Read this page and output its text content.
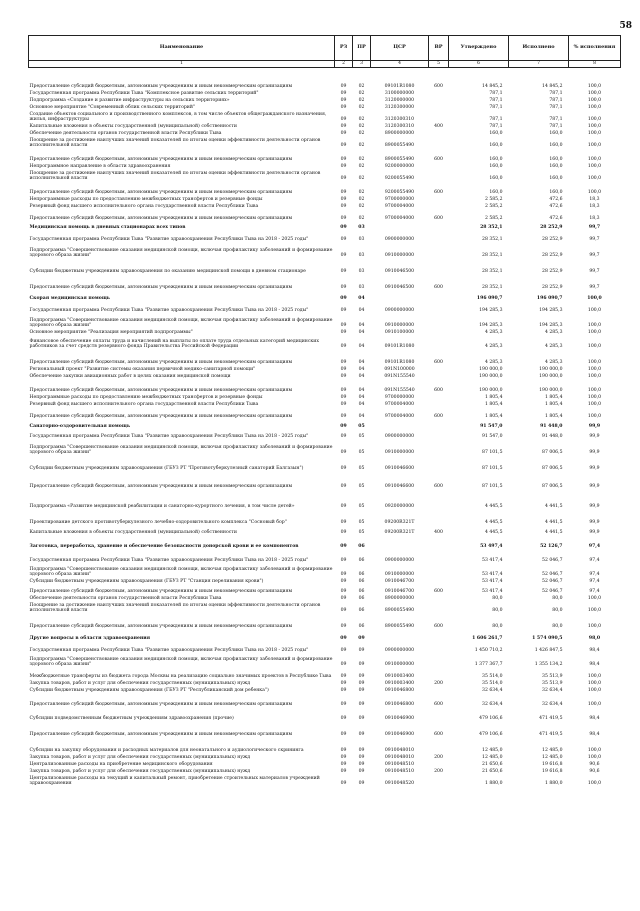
58
Наименование	РЗ	ПР	ЦСР	ВР	Утверждено	Исполнено	% исполнения
1	2	3	4	5	6	7	8
Предоставление субсидий бюджетным, автономным учреждениям и иным некоммерческим организациям	09	02	09101R1080	600	14 845,2	14 845,2	100,0
Государственная программа Республики Тыва "Комплексное развитие сельских территорий"	09	02	3100000000		787,1	787,1	100,0
Подпрограмма «Создание и развитие инфраструктуры на сельских территориях»	09	02	3120000000		787,1	787,1	100,0
Основное мероприятие "Современный облик сельских территорий"	09	02	3120300000		787,1	787,1	100,0
Создание объектов социального и производственного комплексов, в том числе объектов общегражданского назначения, жилья, инфраструктуры	09	02	3120300310		787,1	787,1	100,0
Капитальные вложения в объекты государственной (муниципальной) собственности	09	02	3120300310	400	787,1	787,1	100,0
Обеспечение деятельности органов государственной власти Республики Тыва	09	02	8900000000		160,0	160,0	100,0
Поощрение за достижение наилучших значений показателей по итогам оценки эффективности деятельности органов исполнительной власти	09	02	8900055490		160,0	160,0	100,0
Предоставление субсидий бюджетным, автономным учреждениям и иным некоммерческим организациям	09	02	8900055490	600	160,0	160,0	100,0
Непрограммное направление в области здравоохранения	09	02	9200000000		160,0	160,0	100,0
Поощрение за достижение наилучших значений показателей по итогам оценки эффективности деятельности органов исполнительной власти	09	02	9200055490		160,0	160,0	100,0
Предоставление субсидий бюджетным, автономным учреждениям и иным некоммерческим организациям	09	02	9200055490	600	160,0	160,0	100,0
Непрограммные расходы по предоставлению межбюджетных трансфертов и резервные фонды	09	02	9700000000		2 585,2	472,6	18,3
Резервный фонд высшего исполнительного органа государственной власти Республики Тыва	09	02	9700004000		2 585,2	472,6	18,3
Предоставление субсидий бюджетным, автономным учреждениям и иным некоммерческим организациям	09	02	9700004000	600	2 585,2	472,6	18,3
Медицинская помощь в дневных стационарах всех типов	09	03			28 352,1	28 252,9	99,7
Государственная программа Республики Тыва "Развитие здравоохранения Республики Тыва на 2018 - 2025 годы"	09	03	0900000000		28 352,1	28 252,9	99,7
Подпрограмма "Совершенствование оказания медицинской помощи, включая профилактику заболеваний и формирование здорового образа жизни"	09	03	0910000000		28 352,1	28 252,9	99,7
Субсидии бюджетным учреждениям здравоохранения по оказанию медицинской помощи в дневном стационаре	09	03	0910046500		28 352,1	28 252,9	99,7
Предоставление субсидий бюджетным, автономным учреждениям и иным некоммерческим организациям	09	03	0910046500	600	28 352,1	28 252,9	99,7
Скорая медицинская помощь	09	04			196 090,7	196 090,7	100,0
Государственная программа Республики Тыва "Развитие здравоохранения Республики Тыва на 2018 - 2025 годы"	09	04	0900000000		194 285,3	194 285,3	100,0
Подпрограмма "Совершенствование оказания медицинской помощи, включая профилактику заболеваний и формирование здорового образа жизни"	09	04	0910000000		194 285,3	194 285,3	100,0
Основное мероприятие "Реализация мероприятий подпрограммы"	09	04	0910100000		4 285,3	4 285,3	100,0
Финансовое обеспечение оплаты труда и начислений на выплаты по оплате труда отдельных категорий медицинских работников за счет средств резервного фонда Правительства Российской Федерации	09	04	09101R1080		4 285,3	4 285,3	100,0
Предоставление субсидий бюджетным, автономным учреждениям и иным некоммерческим организациям	09	04	09101R1080	600	4 285,3	4 285,3	100,0
Региональный проект "Развитие системы оказания первичной медико-санитарной помощи"	09	04	091N100000		190 000,0	190 000,0	100,0
Обеспечение закупки авиационных работ в целях оказания медицинской помощи	09	04	091N155540		190 000,0	190 000,0	100,0
Предоставление субсидий бюджетным, автономным учреждениям и иным некоммерческим организациям	09	04	091N155540	600	190 000,0	190 000,0	100,0
Непрограммные расходы по предоставлению межбюджетных трансфертов и резервные фонды	09	04	9700000000		1 805,4	1 805,4	100,0
Резервный фонд высшего исполнительного органа государственной власти Республики Тыва	09	04	9700004000		1 805,4	1 805,4	100,0
Предоставление субсидий бюджетным, автономным учреждениям и иным некоммерческим организациям	09	04	9700004000	600	1 805,4	1 805,4	100,0
Санаторно-оздоровительная помощь	09	05			91 547,0	91 448,0	99,9
Государственная программа Республики Тыва "Развитие здравоохранения Республики Тыва на 2018 - 2025 годы"	09	05	0900000000		91 547,0	91 448,0	99,9
Подпрограмма "Совершенствование оказания медицинской помощи, включая профилактику заболеваний и формирование здорового образа жизни"	09	05	0910000000		87 101,5	87 006,5	99,9
Субсидии бюджетным учреждениям здравоохранения (ГБУЗ РТ "Противотуберкулезный санаторий Балгазын")	09	05	0910046600		87 101,5	87 006,5	99,9
Предоставление субсидий бюджетным, автономным учреждениям и иным некоммерческим организациям	09	05	0910046600	600	87 101,5	87 006,5	99,9
Подпрограмма «Развитие медицинской реабилитации и санаторно-курортного лечения, в том числе детей»	09	05	0920000000		4 445,5	4 441,5	99,9
Проектирование детского противотуберкулезного лечебно-оздоровительного комплекса "Сосновый бор"	09	05	09200R321T		4 445,5	4 441,5	99,9
Капитальные вложения в объекты государственной (муниципальной) собственности	09	05	09200R321T	400	4 445,5	4 441,5	99,9
Заготовка, переработка, хранение и обеспечение безопасности донорской крови и ее компонентов	09	06			53 497,4	52 126,7	97,4
Государственная программа Республики Тыва "Развитие здравоохранения Республики Тыва на 2018 - 2025 годы"	09	06	0900000000		53 417,4	52 046,7	97,4
Подпрограмма "Совершенствование оказания медицинской помощи, включая профилактику заболеваний и формирование здорового образа жизни"	09	06	0910000000		53 417,4	52 046,7	97,4
Субсидии бюджетным учреждениям здравоохранения (ГБУЗ РТ "Станция переливания крови")	09	06	0910046700		53 417,4	52 046,7	97,4
Предоставление субсидий бюджетным, автономным учреждениям и иным некоммерческим организациям	09	06	0910046700	600	53 417,4	52 046,7	97,4
Обеспечение деятельности органов государственной власти Республики Тыва	09	06	8900000000		80,0	80,0	100,0
Поощрение за достижение наилучших значений показателей по итогам оценки эффективности деятельности органов исполнительной власти	09	06	8900055490		80,0	80,0	100,0
Предоставление субсидий бюджетным, автономным учреждениям и иным некоммерческим организациям	09	06	8900055490	600	80,0	80,0	100,0
Другие вопросы в области здравоохранения	09	09			1 606 261,7	1 574 090,5	98,0
Государственная программа Республики Тыва "Развитие здравоохранения Республики Тыва на 2018 - 2025 годы"	09	09	0900000000		1 450 710,2	1 426 847,5	98,4
Подпрограмма "Совершенствование оказания медицинской помощи, включая профилактику заболеваний и формирование здорового образа жизни"	09	09	0910000000		1 377 367,7	1 355 134,2	98,4
Межбюджетные трансферты из бюджета города Москвы на реализацию социально значимых проектов в Республике Тыва	09	09	0910003400		35 514,0	35 513,9	100,0
Закупка товаров, работ и услуг для обеспечения государственных (муниципальных) нужд	09	09	0910003400	200	35 514,0	35 513,9	100,0
Субсидии бюджетным учреждениям здравоохранения (ГБУЗ РТ "Республиканский дом ребенка")	09	09	0910046800		32 634,4	32 634,4	100,0
Предоставление субсидий бюджетным, автономным учреждениям и иным некоммерческим организациям	09	09	0910046800	600	32 634,4	32 634,4	100,0
Субсидии подведомственным бюджетным учреждениям здравоохранения (прочие)	09	09	0910046900		479 106,6	471 419,5	98,4
Предоставление субсидий бюджетным, автономным учреждениям и иным некоммерческим организациям	09	09	0910046900	600	479 106,6	471 419,5	98,4
Субсидии на закупку оборудования и расходных материалов для неонатального и аудиологического скрининга	09	09	0910048010		12 485,0	12 485,0	100,0
Закупка товаров, работ и услуг для обеспечения государственных (муниципальных) нужд	09	09	0910048010	200	12 485,0	12 485,0	100,0
Централизованные расходы на приобретение медицинского оборудования	09	09	0910048510		21 650,6	19 616,8	90,6
Закупка товаров, работ и услуг для обеспечения государственных (муниципальных) нужд	09	09	0910048510	200	21 650,6	19 616,8	90,6
Централизованные расходы на текущий и капитальный ремонт, приобретение строительных материалов учреждений здравоохранения	09	09	0910048520		1 880,0	1 880,0	100,0
